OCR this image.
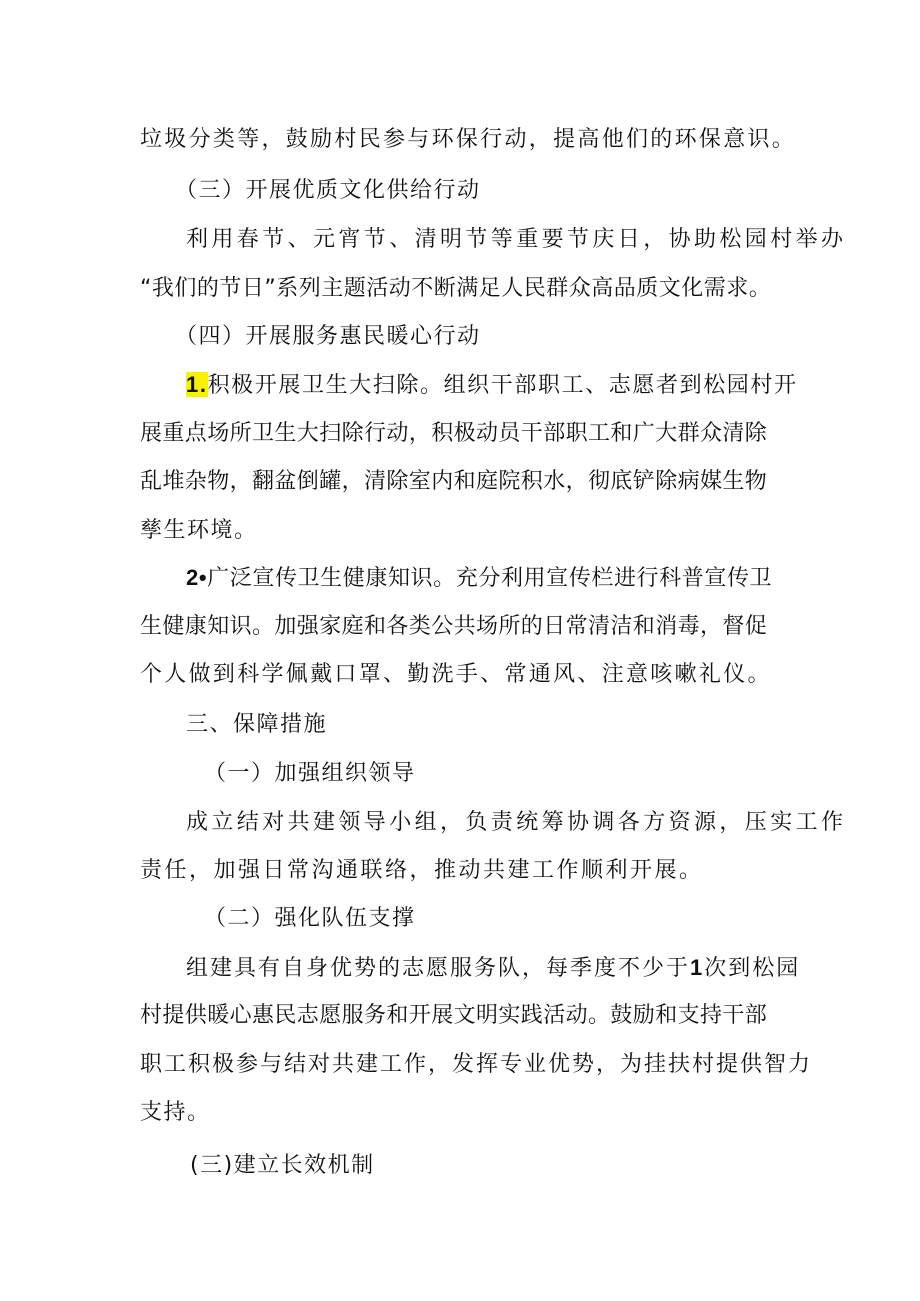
垃圾分类等，鼓励村民参与环保行动，提高他们的环保意识。
（三）开展优质文化供给行动
利用春节、元宵节、清明节等重要节庆日，协助松园村举办
“我们的节日”系列主题活动不断满足人民群众高品质文化需求。
（四）开展服务惠民暖心行动
1.积极开展卫生大扫除。组织干部职工、志愿者到松园村开
展重点场所卫生大扫除行动，积极动员干部职工和广大群众清除
乱堆杂物，翻盆倒罐，清除室内和庭院积水，彻底铲除病媒生物
孳生环境。
2•广泛宣传卫生健康知识。充分利用宣传栏进行科普宣传卫
生健康知识。加强家庭和各类公共场所的日常清洁和消毒，督促
个人做到科学佩戴口罩、勤洗手、常通风、注意咳嗽礼仪。
三、保障措施
（一）加强组织领导
成立结对共建领导小组，负责统筹协调各方资源，压实工作
责任，加强日常沟通联络，推动共建工作顺利开展。
（二）强化队伍支撑
组建具有自身优势的志愿服务队，每季度不少于1次到松园
村提供暖心惠民志愿服务和开展文明实践活动。鼓励和支持干部
职工积极参与结对共建工作，发挥专业优势，为挂扶村提供智力
支持。
(三)建立长效机制
